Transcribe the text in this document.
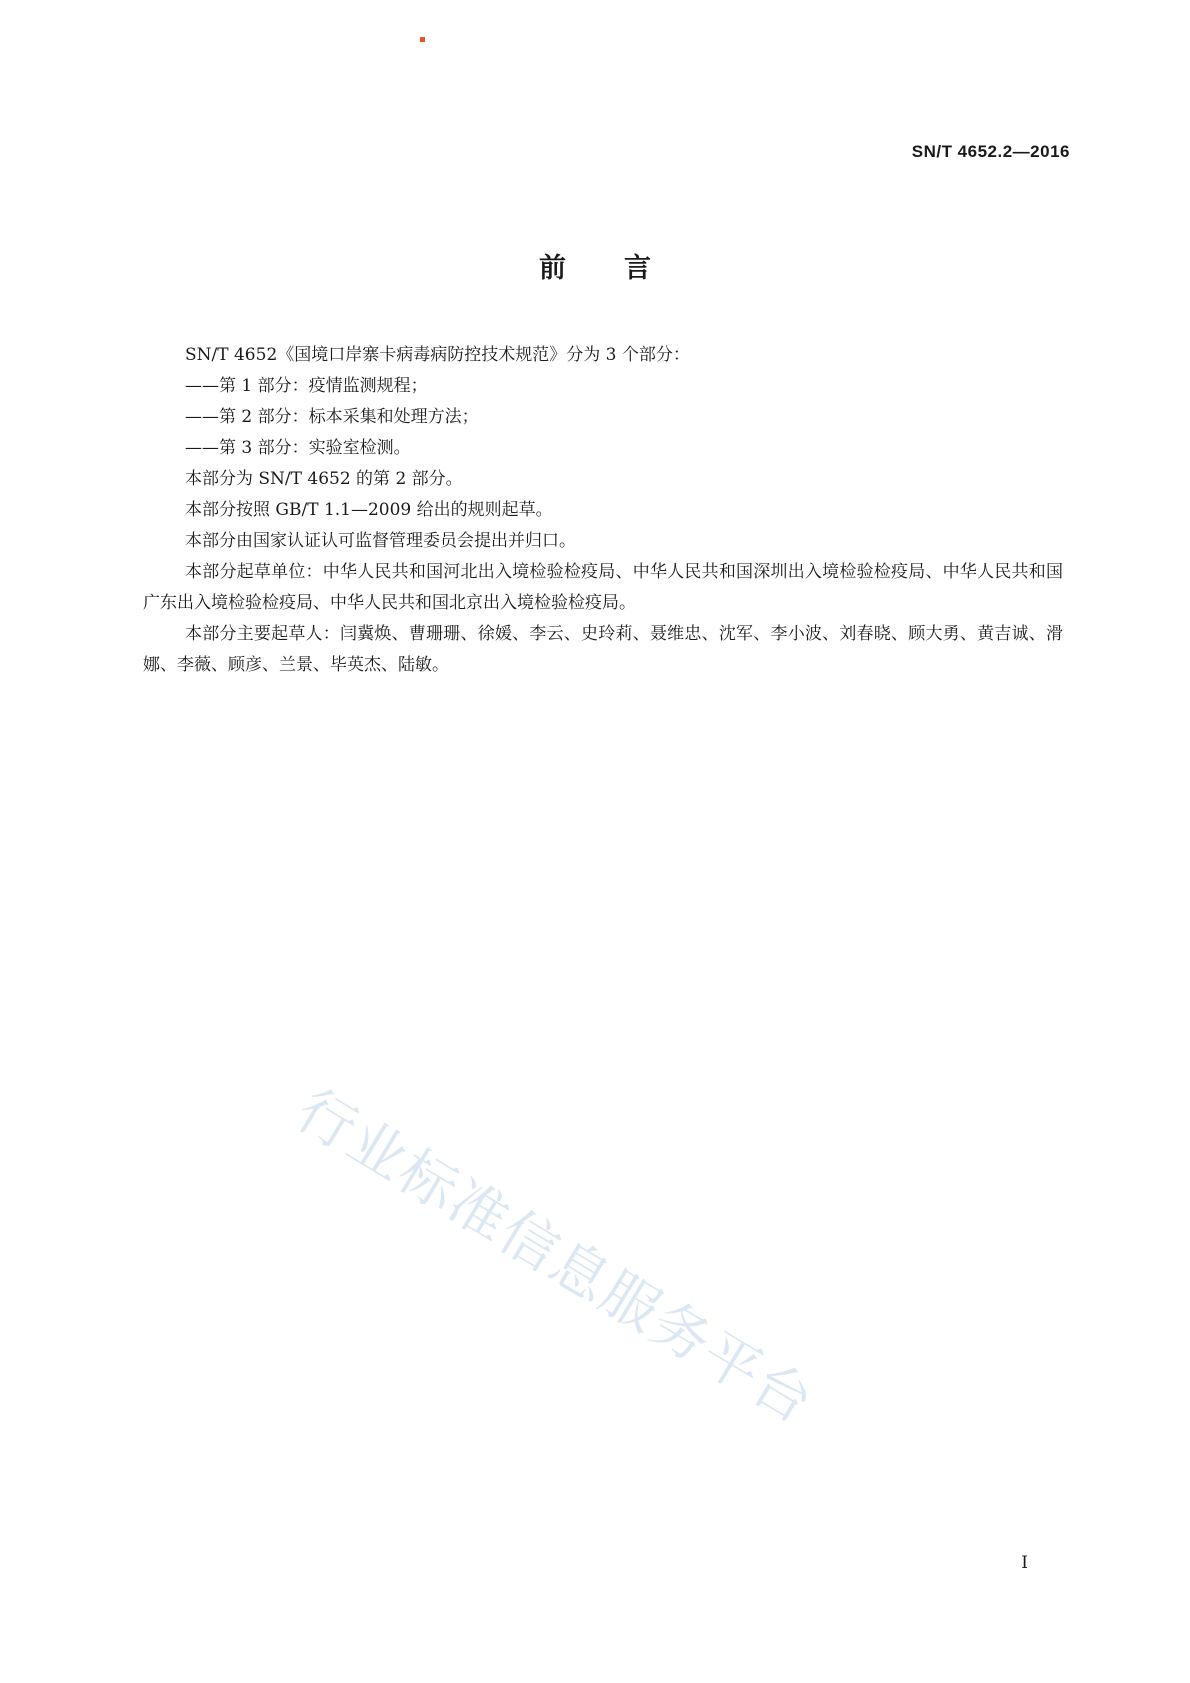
SN/T 4652.2—2016
前言

SN/T 4652《国境口岸寨卡病毒病防控技术规范》分为 3 个部分：

——第 1 部分：疫情监测规程；

——第 2 部分：标本采集和处理方法；

——第 3 部分：实验室检测。

本部分为 SN/T 4652 的第 2 部分。

本部分按照 GB/T 1.1—2009 给出的规则起草。

本部分由国家认证认可监督管理委员会提出并归口。

本部分起草单位：中华人民共和国河北出入境检验检疫局、中华人民共和国深圳出入境检验检疫局、中华人民共和国广东出入境检验检疫局、中华人民共和国北京出入境检验检疫局。

本部分主要起草人：闫冀焕、曹珊珊、徐媛、李云、史玲莉、聂维忠、沈军、李小波、刘春晓、顾大勇、黄吉诚、滑娜、李薇、顾彦、兰景、毕英杰、陆敏。

行业标准信息服务平台
I
